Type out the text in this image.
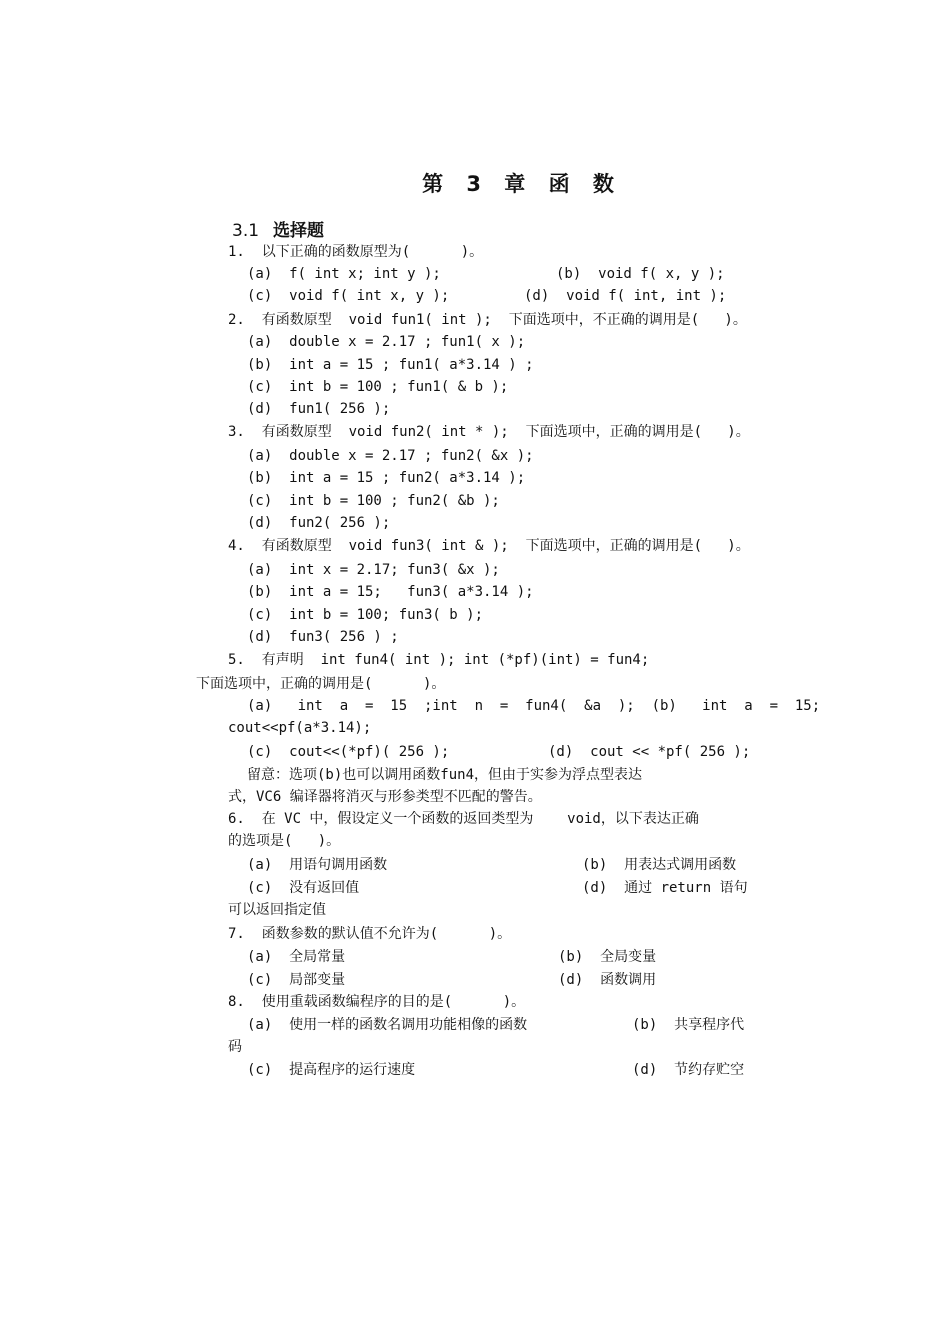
第 3 章 函 数
3.1 选择题
1.  以下正确的函数原型为(      )。
(a)  f( int x; int y );	(b)  void f( x, y );
(c)  void f( int x, y );	(d)  void f( int, int );
2.  有函数原型  void fun1( int );  下面选项中，不正确的调用是(   )。
(a)  double x = 2.17 ; fun1( x );
(b)  int a = 15 ; fun1( a*3.14 ) ;
(c)  int b = 100 ; fun1( & b );
(d)  fun1( 256 );
3.  有函数原型  void fun2( int * );  下面选项中，正确的调用是(   )。
(a)  double x = 2.17 ; fun2( &x );
(b)  int a = 15 ; fun2( a*3.14 );
(c)  int b = 100 ; fun2( &b );
(d)  fun2( 256 );
4.  有函数原型  void fun3( int & );  下面选项中，正确的调用是(   )。
(a)  int x = 2.17; fun3( &x );
(b)  int a = 15;   fun3( a*3.14 );
(c)  int b = 100; fun3( b );
(d)  fun3( 256 ) ;
5.  有声明  int fun4( int ); int (*pf)(int) = fun4;
下面选项中，正确的调用是(      )。
(a)   int  a  =  15  ;int  n  =  fun4(  &a  );  (b)   int  a  =  15;
cout<<pf(a*3.14);
(c)  cout<<(*pf)( 256 );	(d)  cout << *pf( 256 );
留意：选项(b)也可以调用函数fun4，但由于实参为浮点型表达
式，VC6 编译器将消灭与形参类型不匹配的警告。
6.  在 VC 中，假设定义一个函数的返回类型为    void，以下表达正确
的选项是(   )。
(a)  用语句调用函数	(b)  用表达式调用函数
(c)  没有返回值	(d)  通过 return 语句
可以返回指定值
7.  函数参数的默认值不允许为(      )。
(a)  全局常量	(b)  全局变量
(c)  局部变量	(d)  函数调用
8.  使用重载函数编程序的目的是(      )。
(a)  使用一样的函数名调用功能相像的函数	(b)  共享程序代
码
(c)  提高程序的运行速度	(d)  节约存贮空
